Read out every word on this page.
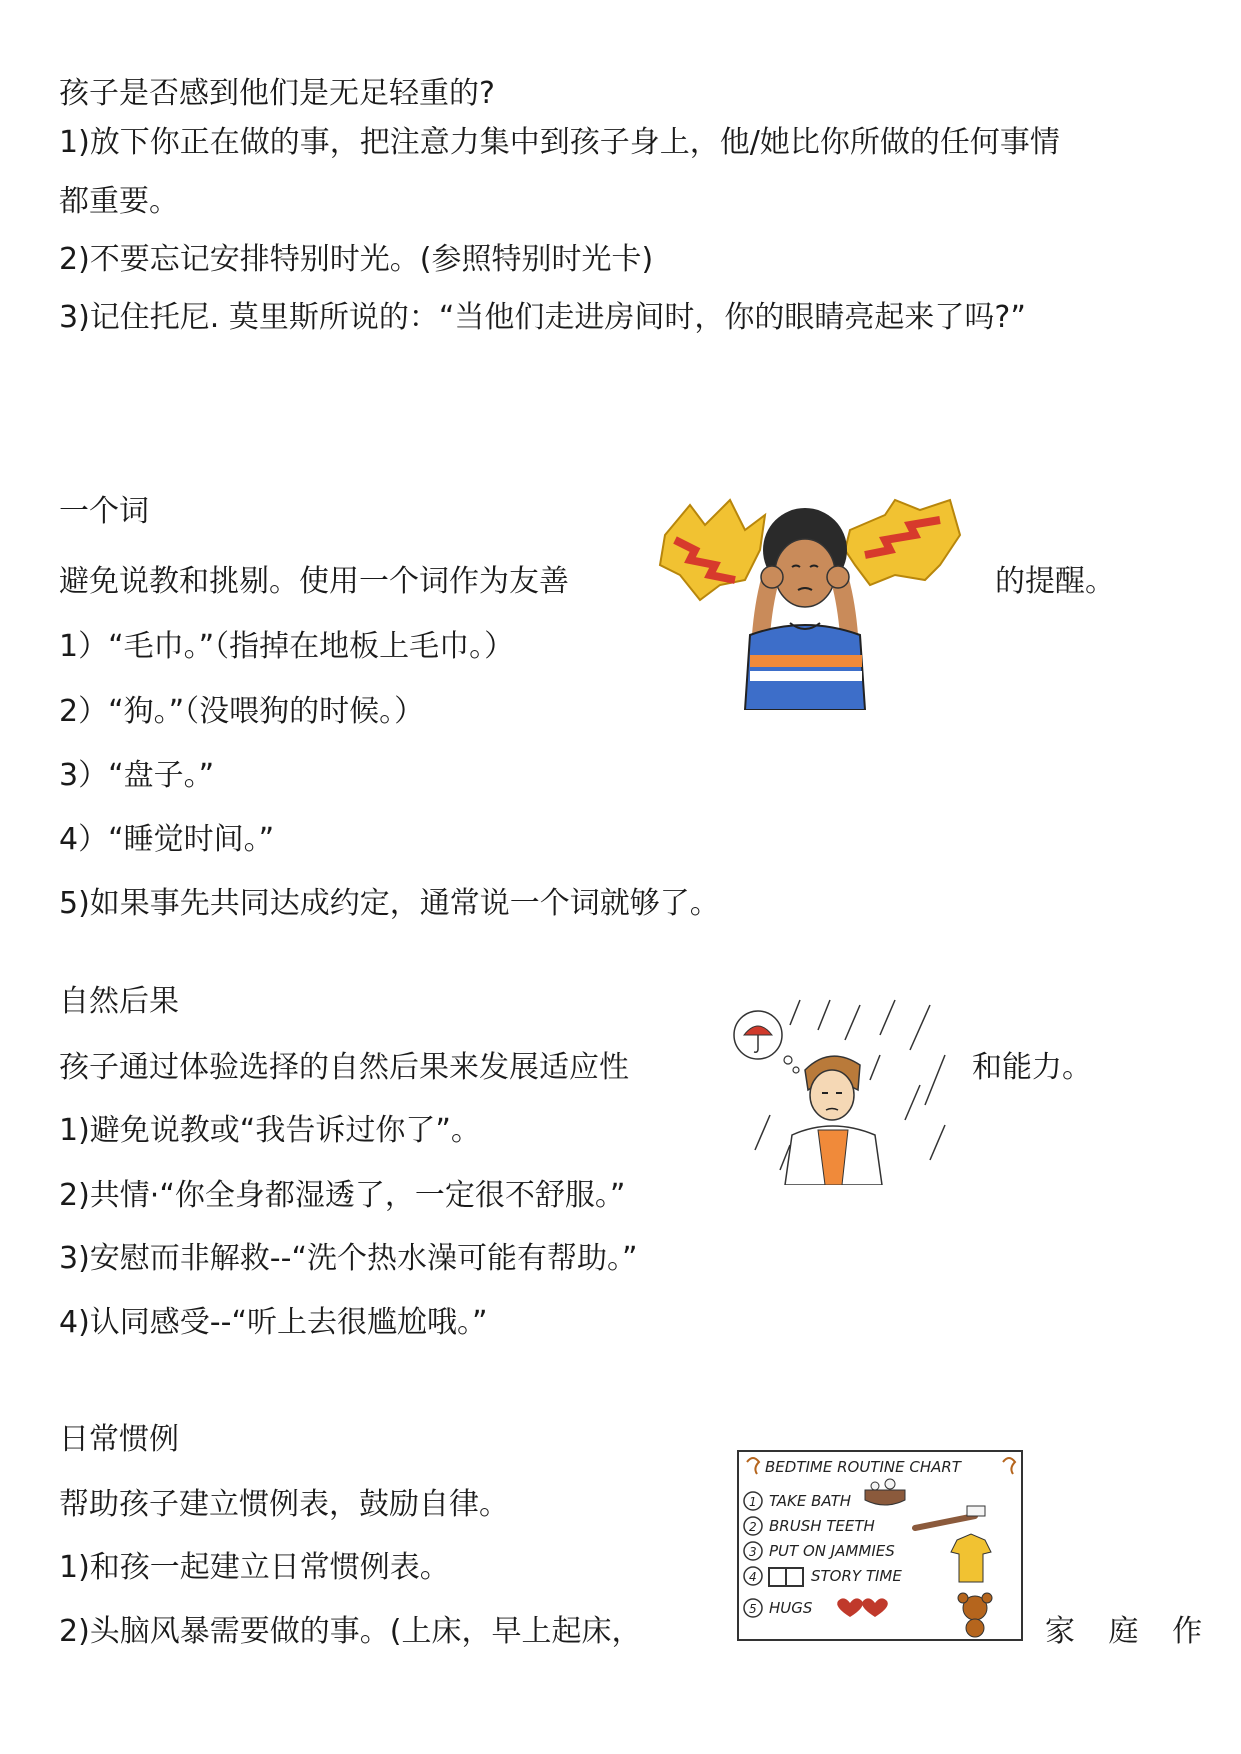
孩子是否感到他们是无足轻重的?
1)放下你正在做的事，把注意力集中到孩子身上，他/她比你所做的任何事情
都重要。
2)不要忘记安排特别时光。(参照特别时光卡)
3)记住托尼. 莫里斯所说的：“当他们走进房间时，你的眼睛亮起来了吗?”
一个词
避免说教和挑剔。使用一个词作为友善	的提醒。
1）“毛巾。”（指掉在地板上毛巾。）
2）“狗。”（没喂狗的时候。）
3）“盘子。”
4）“睡觉时间。”
5)如果事先共同达成约定，通常说一个词就够了。
自然后果
孩子通过体验选择的自然后果来发展适应性	和能力。
1)避免说教或“我告诉过你了”。
2)共情·“你全身都湿透了，一定很不舒服。”
3)安慰而非解救--“洗个热水澡可能有帮助。”
4)认同感受--“听上去很尴尬哦。”
日常惯例
帮助孩子建立惯例表，鼓励自律。
1)和孩一起建立日常惯例表。
2)头脑风暴需要做的事。(上床，早上起床，	家 庭 作
BEDTIME ROUTINE CHART
1 TAKE BATH
2 BRUSH TEETH
3 PUT ON JAMMIES
4	STORY TIME
5 HUGS
